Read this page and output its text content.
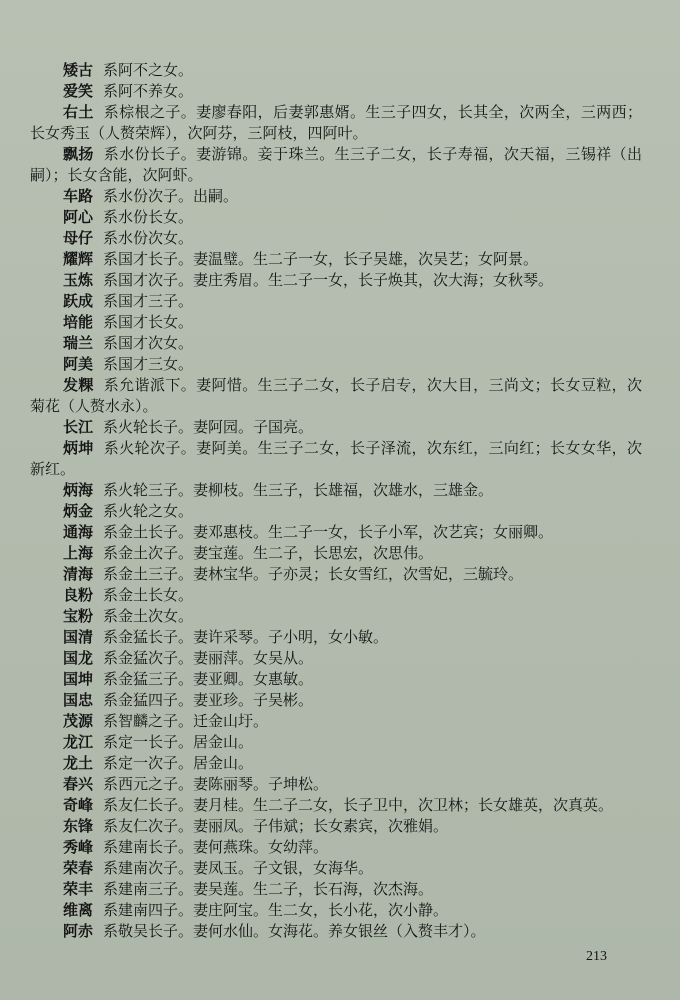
矮古 系阿不之女。

爱笑 系阿不养女。

右土 系棕根之子。妻廖春阳，后妻郭惠婿。生三子四女，长其全，次两全，三两西；长女秀玉（人赘荣辉），次阿芬，三阿枝，四阿叶。

飘扬 系水份长子。妻游锦。妾于珠兰。生三子二女，长子寿福，次天福，三锡祥（出嗣）；长女含能，次阿虾。

车路 系水份次子。出嗣。

阿心 系水份长女。

母仔 系水份次女。

耀辉 系国才长子。妻温璧。生二子一女，长子吴雄，次吴艺；女阿景。

玉炼 系国才次子。妻庄秀眉。生二子一女，长子焕其，次大海；女秋琴。

跃成 系国才三子。

培能 系国才长女。

瑞兰 系国才次女。

阿美 系国才三女。

发粿 系允谐派下。妻阿惜。生三子二女，长子启专，次大目，三尚文；长女豆粒，次菊花（人赘水永）。

长江 系火轮长子。妻阿园。子国亮。

炳坤 系火轮次子。妻阿美。生三子二女，长子泽流，次东红，三向红；长女女华，次新红。

炳海 系火轮三子。妻柳枝。生三子，长雄福，次雄水，三雄金。

炳金 系火轮之女。

通海 系金土长子。妻邓惠枝。生二子一女，长子小军，次艺宾；女丽卿。

上海 系金土次子。妻宝莲。生二子，长思宏，次思伟。

清海 系金土三子。妻林宝华。子亦灵；长女雪红，次雪妃，三毓玲。

良粉 系金土长女。

宝粉 系金土次女。

国清 系金猛长子。妻许采琴。子小明，女小敏。

国龙 系金猛次子。妻丽萍。女吴从。

国坤 系金猛三子。妻亚卿。女惠敏。

国忠 系金猛四子。妻亚珍。子吴彬。

茂源 系智麟之子。迁金山圩。

龙江 系定一长子。居金山。

龙土 系定一次子。居金山。

春兴 系西元之子。妻陈丽琴。子坤松。

奇峰 系友仁长子。妻月桂。生二子二女，长子卫中，次卫林；长女雄英，次真英。

东锋 系友仁次子。妻丽凤。子伟斌；长女素宾，次雅娟。

秀峰 系建南长子。妻何燕珠。女幼萍。

荣春 系建南次子。妻凤玉。子文银，女海华。

荣丰 系建南三子。妻吴莲。生二子，长石海，次杰海。

维离 系建南四子。妻庄阿宝。生二女，长小花，次小静。

阿赤 系敬吴长子。妻何水仙。女海花。养女银丝（入赘丰才）。

213
